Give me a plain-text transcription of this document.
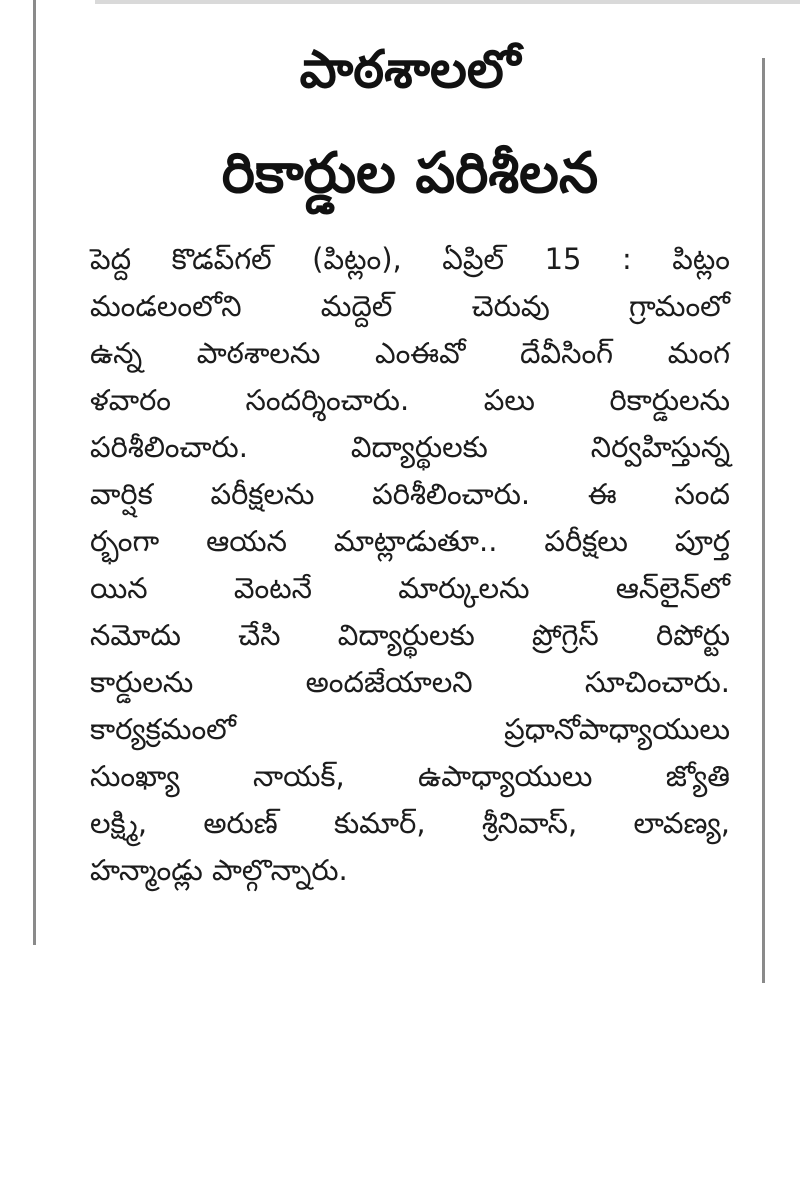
పాఠశాలలో
రికార్డుల పరిశీలన
పెద్ద కొడప్‌గల్ (పిట్లం), ఏప్రిల్ 15 : పిట్లం
మండలంలోని మద్దెల్ చెరువు గ్రామంలో
ఉన్న పాఠశాలను ఎంఈవో దేవీసింగ్ మంగ
ళవారం సందర్శించారు. పలు రికార్డులను
పరిశీలించారు. విద్యార్థులకు నిర్వహిస్తున్న
వార్షిక పరీక్షలను పరిశీలించారు. ఈ సంద
ర్భంగా ఆయన మాట్లాడుతూ.. పరీక్షలు పూర్త
యిన వెంటనే మార్కులను ఆన్‌లైన్‌లో
నమోదు చేసి విద్యార్థులకు ప్రోగ్రెస్ రిపోర్టు
కార్డులను అందజేయాలని సూచించారు.
కార్యక్రమంలో ప్రధానోపాధ్యాయులు
సుంఖ్యా నాయక్, ఉపాధ్యాయులు జ్యోతి
లక్ష్మి, అరుణ్ కుమార్, శ్రీనివాస్, లావణ్య,
హన్మాండ్లు పాల్గొన్నారు.
